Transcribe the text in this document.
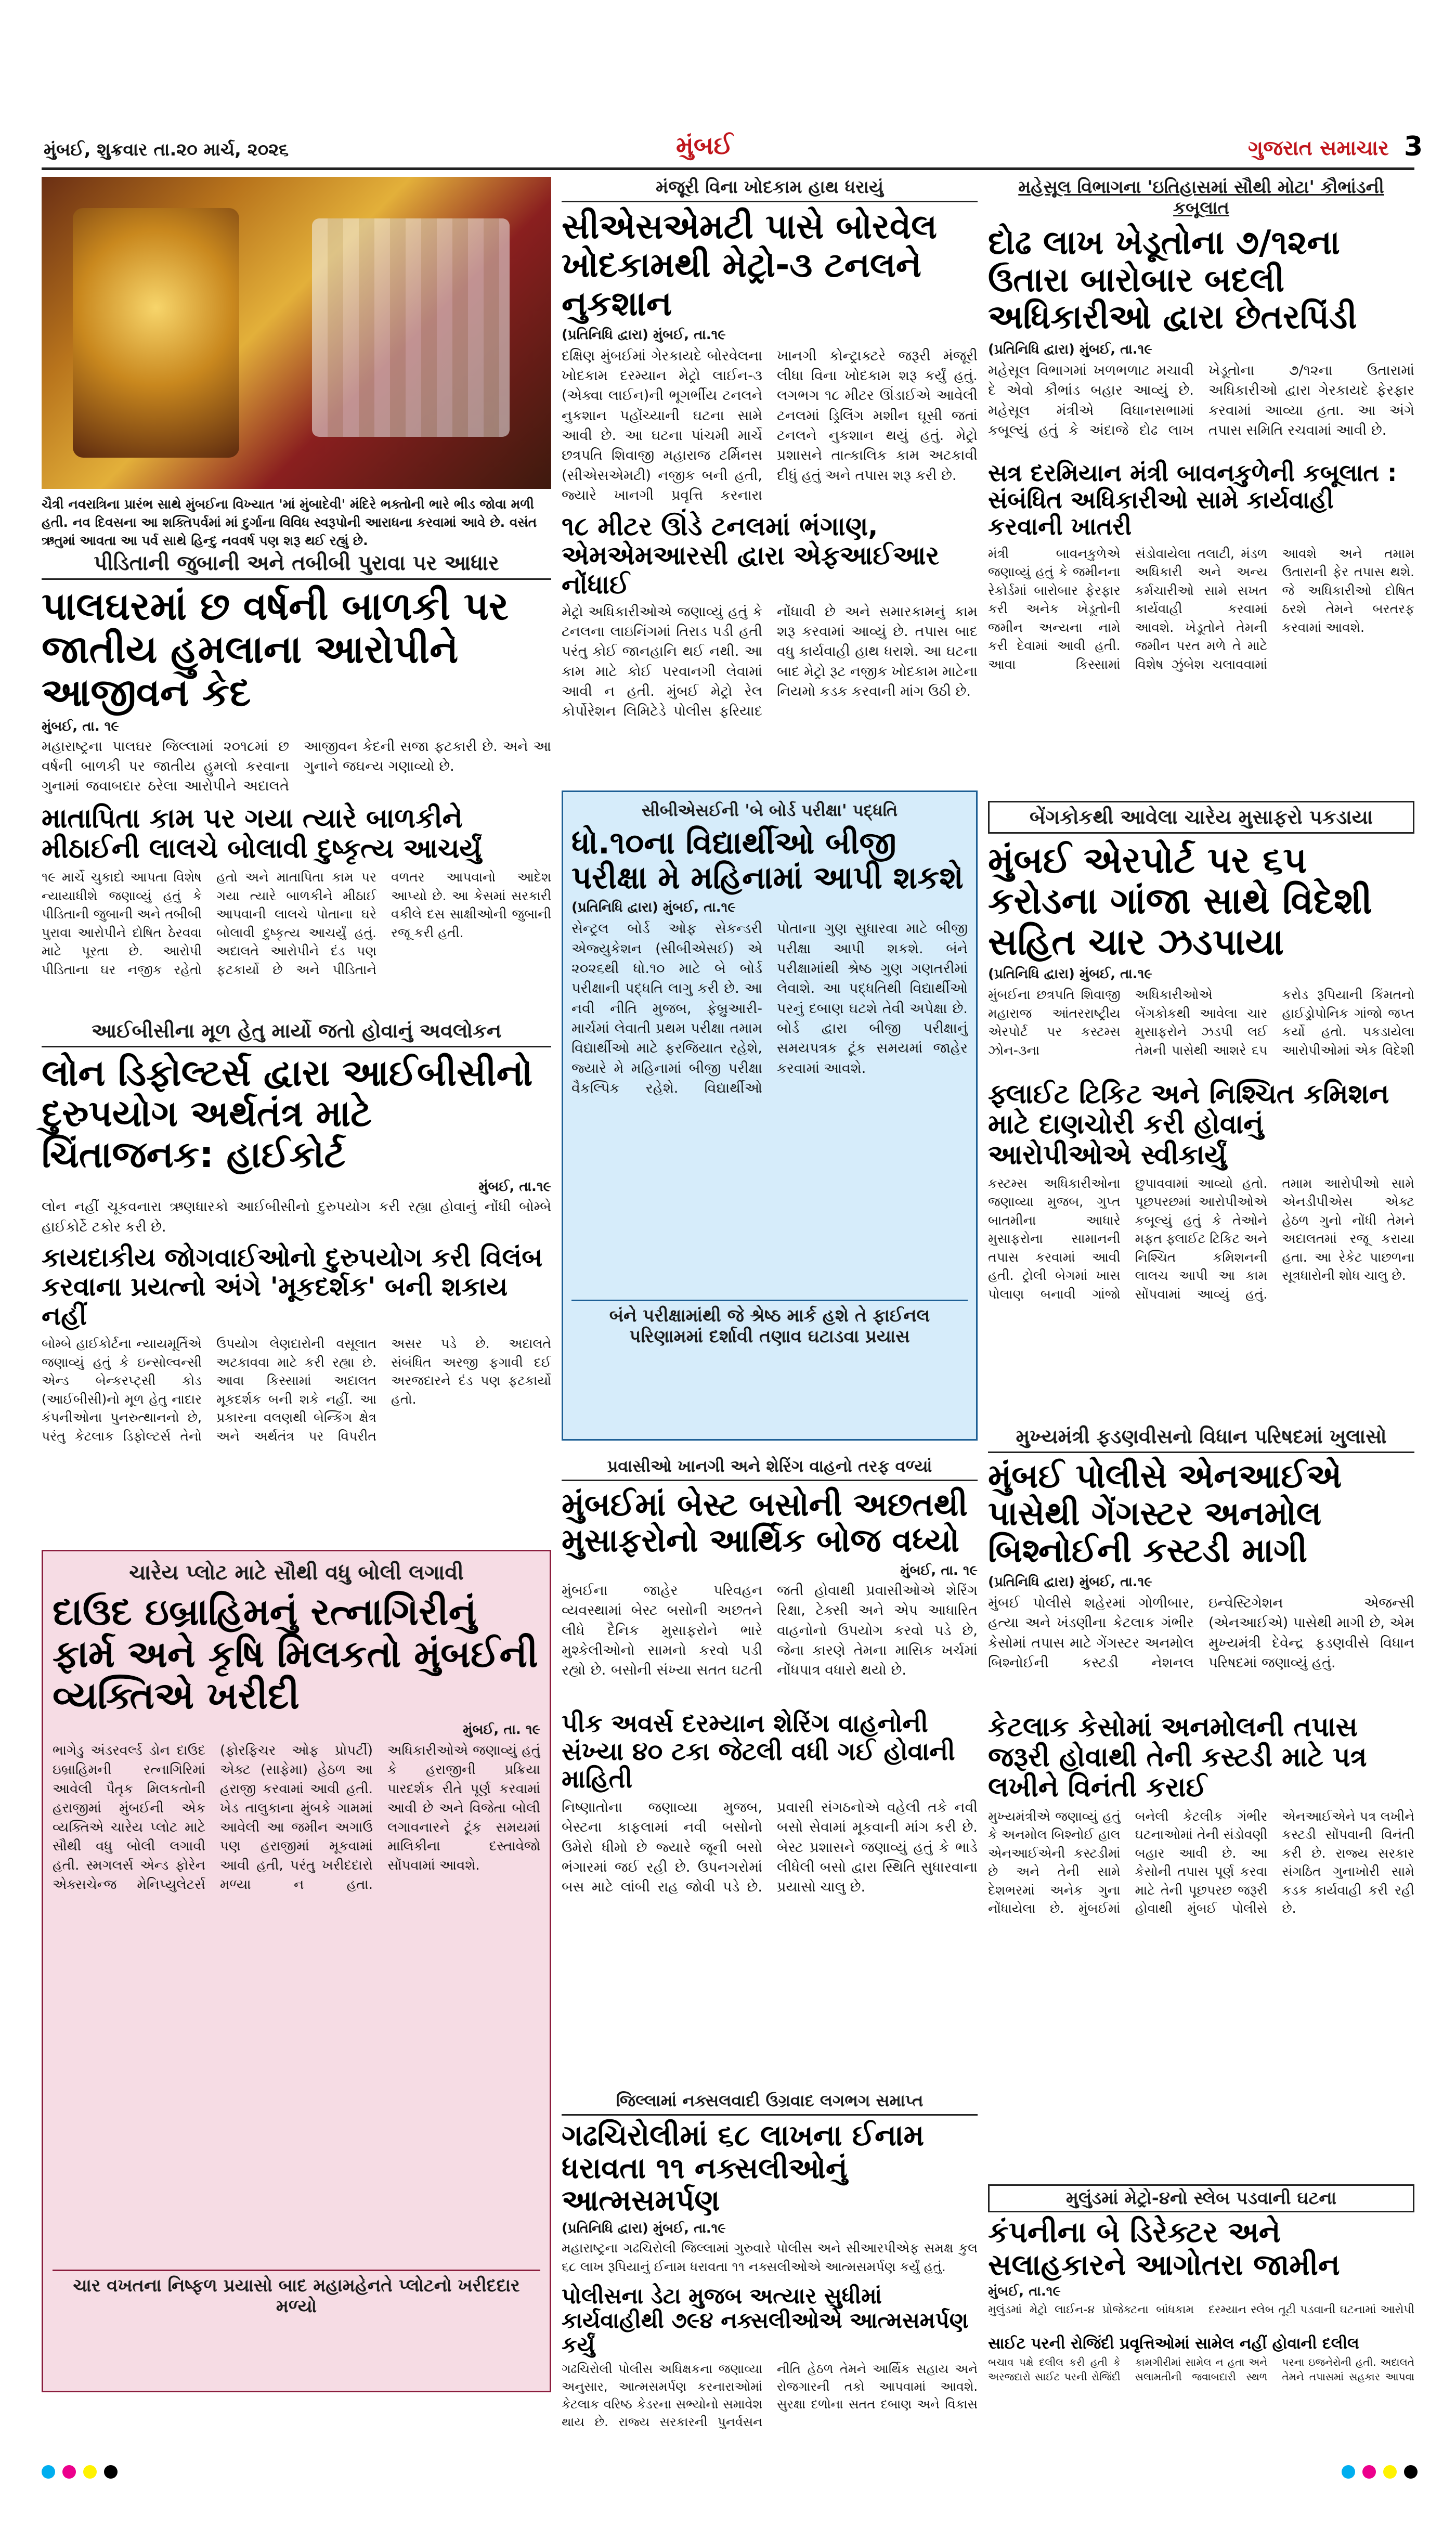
મુંબઈ, શુક્રવાર તા.૨૦ માર્ચ, ૨૦૨૬	મુંબઈ	ગુજરાત સમાચાર 3
ચૈત્રી નવરાત્રિના પ્રારંભ સાથે મુંબઈના વિખ્યાત 'માં મુંબાદેવી' મંદિરે ભક્તોની ભારે ભીડ જોવા મળી હતી. નવ દિવસના આ શક્તિપર્વમાં માં દુર્ગાના વિવિધ સ્વરૂપોની આરાધના કરવામાં આવે છે. વસંત ઋતુમાં આવતા આ પર્વ સાથે હિન્દુ નવવર્ષ પણ શરૂ થઈ રહ્યું છે.
મંજૂરી વિના ખોદકામ હાથ ધરાયું
સીએસએમટી પાસે બોરવેલ ખોદકામથી મેટ્રો-૩ ટનલને નુકશાન
(પ્રતિનિધિ દ્વારા) મુંબઈ, તા.૧૯
દક્ષિણ મુંબઈમાં ગેરકાયદે બોરવેલના ખોદકામ દરમ્યાન મેટ્રો લાઈન-૩ (એક્વા લાઈન)ની ભૂગર્ભીય ટનલને નુકશાન પહોંચ્યાની ઘટના સામે આવી છે. આ ઘટના પાંચમી માર્ચે છત્રપતિ શિવાજી મહારાજ ટર્મિનસ (સીએસએમટી) નજીક બની હતી, જ્યારે ખાનગી પ્રવૃત્તિ કરનારા ખાનગી કોન્ટ્રાક્ટરે જરૂરી મંજૂરી લીધા વિના ખોદકામ શરૂ કર્યું હતું. લગભગ ૧૮ મીટર ઊંડાઈએ આવેલી ટનલમાં ડ્રિલિંગ મશીન ઘૂસી જતાં ટનલને નુકશાન થયું હતું. મેટ્રો પ્રશાસને તાત્કાલિક કામ અટકાવી દીધું હતું અને તપાસ શરૂ કરી છે.
૧૮ મીટર ઊંડે ટનલમાં ભંગાણ, એમએમઆરસી દ્વારા એફઆઈઆર નોંધાઈ
મેટ્રો અધિકારીઓએ જણાવ્યું હતું કે ટનલના લાઇનિંગમાં તિરાડ પડી હતી પરંતુ કોઈ જાનહાનિ થઈ નથી. આ કામ માટે કોઈ પરવાનગી લેવામાં આવી ન હતી. મુંબઈ મેટ્રો રેલ કોર્પોરેશન લિમિટેડે પોલીસ ફરિયાદ નોંધાવી છે અને સમારકામનું કામ શરૂ કરવામાં આવ્યું છે. તપાસ બાદ વધુ કાર્યવાહી હાથ ધરાશે. આ ઘટના બાદ મેટ્રો રૂટ નજીક ખોદકામ માટેના નિયમો કડક કરવાની માંગ ઉઠી છે.
મહેસૂલ વિભાગના 'ઇતિહાસમાં સૌથી મોટા' કૌભાંડની કબૂલાત
દોઢ લાખ ખેડૂતોના ૭/૧૨ના ઉતારા બારોબાર બદલી અધિકારીઓ દ્વારા છેતરપિંડી
(પ્રતિનિધિ દ્વારા) મુંબઈ, તા.૧૯
મહેસૂલ વિભાગમાં ખળભળાટ મચાવી દે એવો કૌભાંડ બહાર આવ્યું છે. મહેસૂલ મંત્રીએ વિધાનસભામાં કબૂલ્યું હતું કે અંદાજે દોઢ લાખ ખેડૂતોના ૭/૧૨ના ઉતારામાં અધિકારીઓ દ્વારા ગેરકાયદે ફેરફાર કરવામાં આવ્યા હતા. આ અંગે તપાસ સમિતિ રચવામાં આવી છે.
સત્ર દરમિયાન મંત્રી બાવનકુળેની કબૂલાત : સંબંધિત અધિકારીઓ સામે કાર્યવાહી કરવાની ખાતરી
મંત્રી બાવનકુળેએ જણાવ્યું હતું કે જમીનના રેકોર્ડમાં બારોબાર ફેરફાર કરી અનેક ખેડૂતોની જમીન અન્યના નામે કરી દેવામાં આવી હતી. આવા કિસ્સામાં સંડોવાયેલા તલાટી, મંડળ અધિકારી અને અન્ય કર્મચારીઓ સામે સખત કાર્યવાહી કરવામાં આવશે. ખેડૂતોને તેમની જમીન પરત મળે તે માટે વિશેષ ઝુંબેશ ચલાવવામાં આવશે અને તમામ ઉતારાની ફેર તપાસ થશે. જે અધિકારીઓ દોષિત ઠરશે તેમને બરતરફ કરવામાં આવશે.
પીડિતાની જુબાની અને તબીબી પુરાવા પર આધાર
પાલઘરમાં છ વર્ષની બાળકી પર જાતીય હુમલાના આરોપીને આજીવન કેદ
મુંબઈ, તા. ૧૯
મહારાષ્ટ્રના પાલઘર જિલ્લામાં ૨૦૧૮માં છ વર્ષની બાળકી પર જાતીય હુમલો કરવાના ગુનામાં જવાબદાર ઠરેલા આરોપીને અદાલતે આજીવન કેદની સજા ફટકારી છે. અને આ ગુનાને જઘન્ય ગણાવ્યો છે.
માતાપિતા કામ પર ગયા ત્યારે બાળકીને મીઠાઈની લાલચે બોલાવી દુષ્કૃત્ય આચર્યું
૧૯ માર્ચે ચુકાદો આપતા વિશેષ ન્યાયાધીશે જણાવ્યું હતું કે પીડિતાની જુબાની અને તબીબી પુરાવા આરોપીને દોષિત ઠેરવવા માટે પૂરતા છે. આરોપી પીડિતાના ઘર નજીક રહેતો હતો અને માતાપિતા કામ પર ગયા ત્યારે બાળકીને મીઠાઈ આપવાની લાલચે પોતાના ઘરે બોલાવી દુષ્કૃત્ય આચર્યું હતું. અદાલતે આરોપીને દંડ પણ ફટકાર્યો છે અને પીડિતાને વળતર આપવાનો આદેશ આપ્યો છે. આ કેસમાં સરકારી વકીલે દસ સાક્ષીઓની જુબાની રજૂ કરી હતી.
સીબીએસઈની 'બે બોર્ડ પરીક્ષા' પદ્ધતિ
ધો.૧૦ના વિદ્યાર્થીઓ બીજી પરીક્ષા મે મહિનામાં આપી શકશે
(પ્રતિનિધિ દ્વારા) મુંબઈ, તા.૧૯
સેન્ટ્રલ બોર્ડ ઓફ સેકન્ડરી એજ્યુકેશન (સીબીએસઈ) એ ૨૦૨૬થી ધો.૧૦ માટે બે બોર્ડ પરીક્ષાની પદ્ધતિ લાગુ કરી છે. આ નવી નીતિ મુજબ, ફેબ્રુઆરી-માર્ચમાં લેવાતી પ્રથમ પરીક્ષા તમામ વિદ્યાર્થીઓ માટે ફરજિયાત રહેશે, જ્યારે મે મહિનામાં બીજી પરીક્ષા વૈકલ્પિક રહેશે. વિદ્યાર્થીઓ પોતાના ગુણ સુધારવા માટે બીજી પરીક્ષા આપી શકશે. બંને પરીક્ષામાંથી શ્રેષ્ઠ ગુણ ગણતરીમાં લેવાશે. આ પદ્ધતિથી વિદ્યાર્થીઓ પરનું દબાણ ઘટશે તેવી અપેક્ષા છે. બોર્ડ દ્વારા બીજી પરીક્ષાનું સમયપત્રક ટૂંક સમયમાં જાહેર કરવામાં આવશે.
બંને પરીક્ષામાંથી જે શ્રેષ્ઠ માર્ક હશે તે ફાઈનલ પરિણામમાં દર્શાવી તણાવ ઘટાડવા પ્રયાસ
બેંગકોકથી આવેલા ચારેય મુસાફરો પકડાયા
મુંબઈ એરપોર્ટ પર ૬૫ કરોડના ગાંજા સાથે વિદેશી સહિત ચાર ઝડપાયા
(પ્રતિનિધિ દ્વારા) મુંબઈ, તા.૧૯
મુંબઈના છત્રપતિ શિવાજી મહારાજ આંતરરાષ્ટ્રીય એરપોર્ટ પર કસ્ટમ્સ ઝોન-૩ના અધિકારીઓએ બેંગકોકથી આવેલા ચાર મુસાફરોને ઝડપી લઈ તેમની પાસેથી આશરે ૬૫ કરોડ રૂપિયાની કિંમતનો હાઈડ્રોપોનિક ગાંજો જપ્ત કર્યો હતો. પકડાયેલા આરોપીઓમાં એક વિદેશી
ફ્લાઈટ ટિકિટ અને નિશ્ચિત કમિશન માટે દાણચોરી કરી હોવાનું આરોપીઓએ સ્વીકાર્યું
કસ્ટમ્સ અધિકારીઓના જણાવ્યા મુજબ, ગુપ્ત બાતમીના આધારે મુસાફરોના સામાનની તપાસ કરવામાં આવી હતી. ટ્રોલી બેગમાં ખાસ પોલાણ બનાવી ગાંજો છુપાવવામાં આવ્યો હતો. પૂછપરછમાં આરોપીઓએ કબૂલ્યું હતું કે તેઓને મફત ફ્લાઈટ ટિકિટ અને નિશ્ચિત કમિશનની લાલચ આપી આ કામ સોંપવામાં આવ્યું હતું. તમામ આરોપીઓ સામે એનડીપીએસ એક્ટ હેઠળ ગુનો નોંધી તેમને અદાલતમાં રજૂ કરાયા હતા. આ રેકેટ પાછળના સૂત્રધારોની શોધ ચાલુ છે.
આઈબીસીના મૂળ હેતુ માર્યો જતો હોવાનું અવલોકન
લોન ડિફોલ્ટર્સ દ્વારા આઈબીસીનો દુરુપયોગ અર્થતંત્ર માટે ચિંતાજનક: હાઈકોર્ટ
મુંબઈ, તા.૧૯
લોન નહીં ચૂકવનારા ઋણધારકો આઈબીસીનો દુરુપયોગ કરી રહ્યા હોવાનું નોંધી બોમ્બે હાઈકોર્ટે ટકોર કરી છે.
કાયદાકીય જોગવાઈઓનો દુરુપયોગ કરી વિલંબ કરવાના પ્રયત્નો અંગે 'મૂકદર્શક' બની શકાય નહીં
બોમ્બે હાઈકોર્ટના ન્યાયમૂર્તિએ જણાવ્યું હતું કે ઇન્સોલ્વન્સી એન્ડ બેન્કરપ્ટ્સી કોડ (આઈબીસી)નો મૂળ હેતુ નાદાર કંપનીઓના પુનરુત્થાનનો છે, પરંતુ કેટલાક ડિફોલ્ટર્સ તેનો ઉપયોગ લેણદારોની વસૂલાત અટકાવવા માટે કરી રહ્યા છે. આવા કિસ્સામાં અદાલત મૂકદર્શક બની શકે નહીં. આ પ્રકારના વલણથી બેન્કિંગ ક્ષેત્ર અને અર્થતંત્ર પર વિપરીત અસર પડે છે. અદાલતે સંબંધિત અરજી ફગાવી દઈ અરજદારને દંડ પણ ફટકાર્યો હતો.
મુખ્યમંત્રી ફડણવીસનો વિધાન પરિષદમાં ખુલાસો
મુંબઈ પોલીસે એનઆઈએ પાસેથી ગેંગસ્ટર અનમોલ બિશ્નોઈની કસ્ટડી માગી
(પ્રતિનિધિ દ્વારા) મુંબઈ, તા.૧૯
મુંબઈ પોલીસે શહેરમાં ગોળીબાર, હત્યા અને ખંડણીના કેટલાક ગંભીર કેસોમાં તપાસ માટે ગેંગસ્ટર અનમોલ બિશ્નોઈની કસ્ટડી નેશનલ ઇન્વેસ્ટિગેશન એજન્સી (એનઆઈએ) પાસેથી માગી છે, એમ મુખ્યમંત્રી દેવેન્દ્ર ફડણવીસે વિધાન પરિષદમાં જણાવ્યું હતું.
કેટલાક કેસોમાં અનમોલની તપાસ જરૂરી હોવાથી તેની કસ્ટડી માટે પત્ર લખીને વિનંતી કરાઈ
મુખ્યમંત્રીએ જણાવ્યું હતું કે અનમોલ બિશ્નોઈ હાલ એનઆઈએની કસ્ટડીમાં છે અને તેની સામે દેશભરમાં અનેક ગુના નોંધાયેલા છે. મુંબઈમાં બનેલી કેટલીક ગંભીર ઘટનાઓમાં તેની સંડોવણી બહાર આવી છે. આ કેસોની તપાસ પૂર્ણ કરવા માટે તેની પૂછપરછ જરૂરી હોવાથી મુંબઈ પોલીસે એનઆઈએને પત્ર લખીને કસ્ટડી સોંપવાની વિનંતી કરી છે. રાજ્ય સરકાર સંગઠિત ગુનાખોરી સામે કડક કાર્યવાહી કરી રહી છે.
પ્રવાસીઓ ખાનગી અને શેરિંગ વાહનો તરફ વળ્યાં
મુંબઈમાં બેસ્ટ બસોની અછતથી મુસાફરોનો આર્થિક બોજ વધ્યો
મુંબઈ, તા. ૧૯
મુંબઈના જાહેર પરિવહન વ્યવસ્થામાં બેસ્ટ બસોની અછતને લીધે દૈનિક મુસાફરોને ભારે મુશ્કેલીઓનો સામનો કરવો પડી રહ્યો છે. બસોની સંખ્યા સતત ઘટતી જતી હોવાથી પ્રવાસીઓએ શેરિંગ રિક્ષા, ટેક્સી અને એપ આધારિત વાહનોનો ઉપયોગ કરવો પડે છે, જેના કારણે તેમના માસિક ખર્ચમાં નોંધપાત્ર વધારો થયો છે.
પીક અવર્સ દરમ્યાન શેરિંગ વાહનોની સંખ્યા ૪૦ ટકા જેટલી વધી ગઈ હોવાની માહિતી
નિષ્ણાતોના જણાવ્યા મુજબ, બેસ્ટના કાફલામાં નવી બસોનો ઉમેરો ધીમો છે જ્યારે જૂની બસો ભંગારમાં જઈ રહી છે. ઉપનગરોમાં બસ માટે લાંબી રાહ જોવી પડે છે. પ્રવાસી સંગઠનોએ વહેલી તકે નવી બસો સેવામાં મૂકવાની માંગ કરી છે. બેસ્ટ પ્રશાસને જણાવ્યું હતું કે ભાડે લીધેલી બસો દ્વારા સ્થિતિ સુધારવાના પ્રયાસો ચાલુ છે.
ચારેય પ્લોટ માટે સૌથી વધુ બોલી લગાવી
દાઉદ ઇબ્રાહિમનું રત્નાગિરીનું ફાર્મ અને કૃષિ મિલકતો મુંબઈની વ્યક્તિએ ખરીદી
મુંબઈ, તા. ૧૯
ભાગેડુ અંડરવર્લ્ડ ડોન દાઉદ ઇબ્રાહિમની રત્નાગિરિમાં આવેલી પૈતૃક મિલકતોની હરાજીમાં મુંબઈની એક વ્યક્તિએ ચારેય પ્લોટ માટે સૌથી વધુ બોલી લગાવી હતી. સ્મગલર્સ એન્ડ ફોરેન એક્સચેન્જ મેનિપ્યુલેટર્સ (ફોરફિચર ઓફ પ્રોપર્ટી) એક્ટ (સાફેમા) હેઠળ આ હરાજી કરવામાં આવી હતી. ખેડ તાલુકાના મુંબકે ગામમાં આવેલી આ જમીન અગાઉ પણ હરાજીમાં મૂકવામાં આવી હતી, પરંતુ ખરીદદારો મળ્યા ન હતા. અધિકારીઓએ જણાવ્યું હતું કે હરાજીની પ્રક્રિયા પારદર્શક રીતે પૂર્ણ કરવામાં આવી છે અને વિજેતા બોલી લગાવનારને ટૂંક સમયમાં માલિકીના દસ્તાવેજો સોંપવામાં આવશે.
ચાર વખતના નિષ્ફળ પ્રયાસો બાદ મહામહેનતે પ્લોટનો ખરીદદાર મળ્યો
જિલ્લામાં નક્સલવાદી ઉગ્રવાદ લગભગ સમાપ્ત
ગઢચિરોલીમાં ૬૮ લાખના ઈનામ ધરાવતા ૧૧ નક્સલીઓનું આત્મસમર્પણ
(પ્રતિનિધિ દ્વારા) મુંબઈ, તા.૧૯
મહારાષ્ટ્રના ગઢચિરોલી જિલ્લામાં ગુરુવારે પોલીસ અને સીઆરપીએફ સમક્ષ કુલ ૬૮ લાખ રૂપિયાનું ઈનામ ધરાવતા ૧૧ નક્સલીઓએ આત્મસમર્પણ કર્યું હતું.
પોલીસના ડેટા મુજબ અત્યાર સુધીમાં કાર્યવાહીથી ૭૯૪ નક્સલીઓએ આત્મસમર્પણ કર્યું
ગઢચિરોલી પોલીસ અધિક્ષકના જણાવ્યા અનુસાર, આત્મસમર્પણ કરનારાઓમાં કેટલાક વરિષ્ઠ કેડરના સભ્યોનો સમાવેશ થાય છે. રાજ્ય સરકારની પુનર્વસન નીતિ હેઠળ તેમને આર્થિક સહાય અને રોજગારની તકો આપવામાં આવશે. સુરક્ષા દળોના સતત દબાણ અને વિકાસ
મુલુંડમાં મેટ્રો-૪નો સ્લેબ પડવાની ઘટના
કંપનીના બે ડિરેક્ટર અને સલાહકારને આગોતરા જામીન
મુંબઈ, તા.૧૯
મુલુંડમાં મેટ્રો લાઈન-૪ પ્રોજેક્ટના બાંધકામ દરમ્યાન સ્લેબ તૂટી પડવાની ઘટનામાં આરોપી
સાઈટ પરની રોજિંદી પ્રવૃત્તિઓમાં સામેલ નહીં હોવાની દલીલ
બચાવ પક્ષે દલીલ કરી હતી કે અરજદારો સાઈટ પરની રોજિંદી કામગીરીમાં સામેલ ન હતા અને સલામતીની જવાબદારી સ્થળ પરના ઇજનેરોની હતી. અદાલતે તેમને તપાસમાં સહકાર આપવા
